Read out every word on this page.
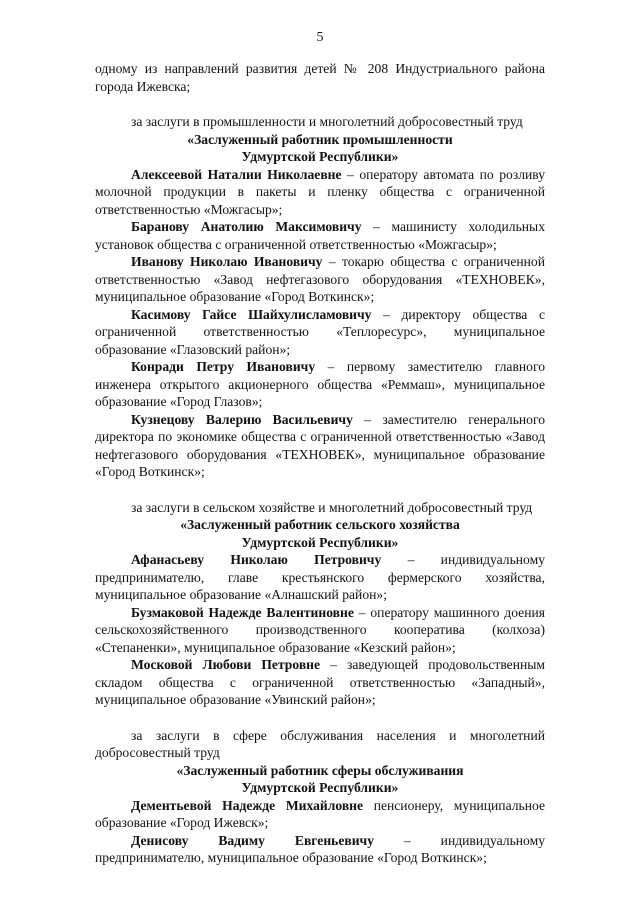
5

одному из направлений развития детей № 208 Индустриального района города Ижевска;

за заслуги в промышленности и многолетний добросовестный труд

«Заслуженный работник промышленности

Удмуртской Республики»

Алексеевой Наталии Николаевне – оператору автомата по розливу молочной продукции в пакеты и пленку общества с ограниченной ответственностью «Можгасыр»;

Баранову Анатолию Максимовичу – машинисту холодильных установок общества с ограниченной ответственностью «Можгасыр»;

Иванову Николаю Ивановичу – токарю общества с ограниченной ответственностью «Завод нефтегазового оборудования «ТЕХНОВЕК», муниципальное образование «Город Воткинск»;

Касимову Гайсе Шайхулисламовичу – директору общества с ограниченной ответственностью «Теплоресурс», муниципальное образование «Глазовский район»;

Конради Петру Ивановичу – первому заместителю главного инженера открытого акционерного общества «Реммаш», муниципальное образование «Город Глазов»;

Кузнецову Валерию Васильевичу – заместителю генерального директора по экономике общества с ограниченной ответственностью «Завод нефтегазового оборудования «ТЕХНОВЕК», муниципальное образование «Город Воткинск»;

за заслуги в сельском хозяйстве и многолетний добросовестный труд

«Заслуженный работник сельского хозяйства

Удмуртской Республики»

Афанасьеву Николаю Петровичу – индивидуальному предпринимателю, главе крестьянского фермерского хозяйства, муниципальное образование «Алнашский район»;

Бузмаковой Надежде Валентиновне – оператору машинного доения сельскохозяйственного производственного кооператива (колхоза) «Степаненки», муниципальное образование «Кезский район»;

Московой Любови Петровне – заведующей продовольственным складом общества с ограниченной ответственностью «Западный», муниципальное образование «Увинский район»;

за заслуги в сфере обслуживания населения и многолетний добросовестный труд

«Заслуженный работник сферы обслуживания

Удмуртской Республики»

Дементьевой Надежде Михайловне пенсионеру, муниципальное образование «Город Ижевск»;

Денисову Вадиму Евгеньевичу – индивидуальному предпринимателю, муниципальное образование «Город Воткинск»;
